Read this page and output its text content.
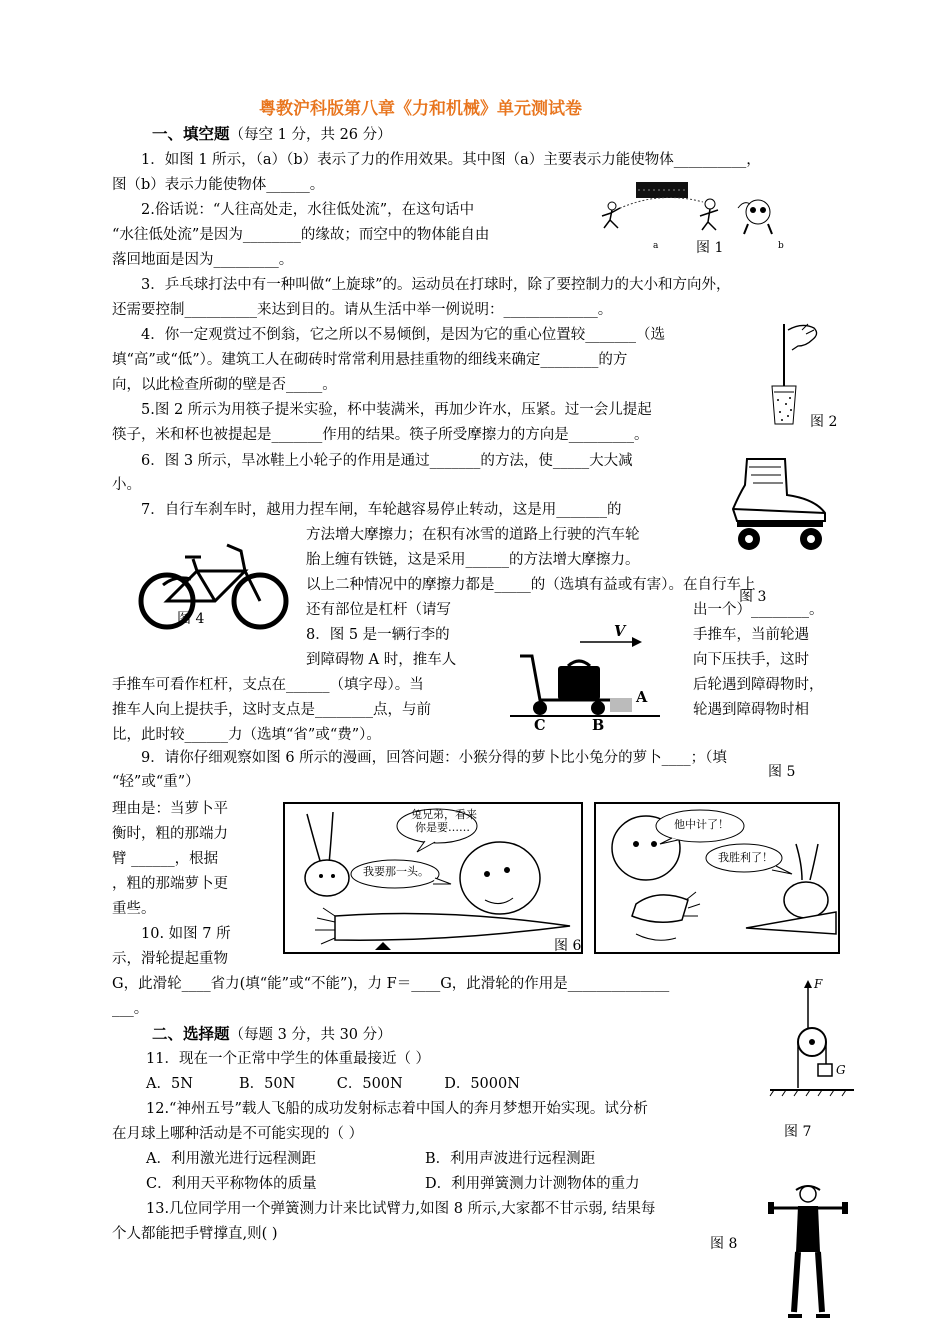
粤教沪科版第八章《力和机械》单元测试卷
一、填空题（每空 1 分，共 26 分）
1．如图 1 所示，（a）（b）表示了力的作用效果。其中图（a）主要表示力能使物体__________，
图（b）表示力能使物体______。
2.俗话说：“人往高处走，水往低处流”，在这句话中
“水往低处流”是因为________的缘故；而空中的物体能自由
落回地面是因为_________。
a	图 1	b
3．乒乓球打法中有一种叫做“上旋球”的。运动员在打球时，除了要控制力的大小和方向外，
还需要控制__________来达到目的。请从生活中举一例说明：_____________。
4．你一定观赏过不倒翁，它之所以不易倾倒，是因为它的重心位置较_______（选
填“高”或“低”）。建筑工人在砌砖时常常利用悬挂重物的细线来确定________的方
向，以此检查所砌的壁是否_____。
图 2
5.图 2 所示为用筷子提米实验，杯中装满米，再加少许水，压紧。过一会儿提起
筷子，米和杯也被提起是_______作用的结果。筷子所受摩擦力的方向是_________。
6．图 3 所示，旱冰鞋上小轮子的作用是通过_______的方法，使_____大大减
小。
图 3
7．自行车刹车时，越用力捏车闸，车轮越容易停止转动，这是用_______的
方法增大摩擦力；在积有冰雪的道路上行驶的汽车轮
胎上缠有铁链，这是采用______的方法增大摩擦力。
以上二种情况中的摩擦力都是_____的（选填有益或有害）。在自行车上
还有部位是杠杆（请写	出一个）________。
图 4
8．图 5 是一辆行李的	手推车，当前轮遇
到障碍物 A 时，推车人	向下压扶手，这时
手推车可看作杠杆，支点在______（填字母）。当	后轮遇到障碍物时，
推车人向上提扶手，这时支点是________点，与前	轮遇到障碍物时相
比，此时较______力（选填“省”或“费”）。
V
A
C	B
图 5
9．请你仔细观察如图 6 所示的漫画，回答问题：小猴分得的萝卜比小兔分的萝卜____；（填
“轻”或“重”）
理由是：当萝卜平
衡时，粗的那端力
臂 ______，根据
，粗的那端萝卜更
重些。
兔兄弟，看来
你是要……
我要那一头。
图 6
他中计了！
我胜利了！
10. 如图 7 所
示，滑轮提起重物
G，此滑轮____省力(填“能”或“不能”)，力 F＝____G，此滑轮的作用是______________
___。
F
G
图 7
二、选择题（每题 3 分，共 30 分）
11．现在一个正常中学生的体重最接近（ ）
A．5N          B．50N         C．500N         D．5000N
12.“神州五号”载人飞船的成功发射标志着中国人的奔月梦想开始实现。试分析
在月球上哪种活动是不可能实现的（ ）
A．利用激光进行远程测距	B．利用声波进行远程测距
C．利用天平称物体的质量	D．利用弹簧测力计测物体的重力
13.几位同学用一个弹簧测力计来比试臂力,如图 8 所示,大家都不甘示弱, 结果每
个人都能把手臂撑直,则( )
图 8
